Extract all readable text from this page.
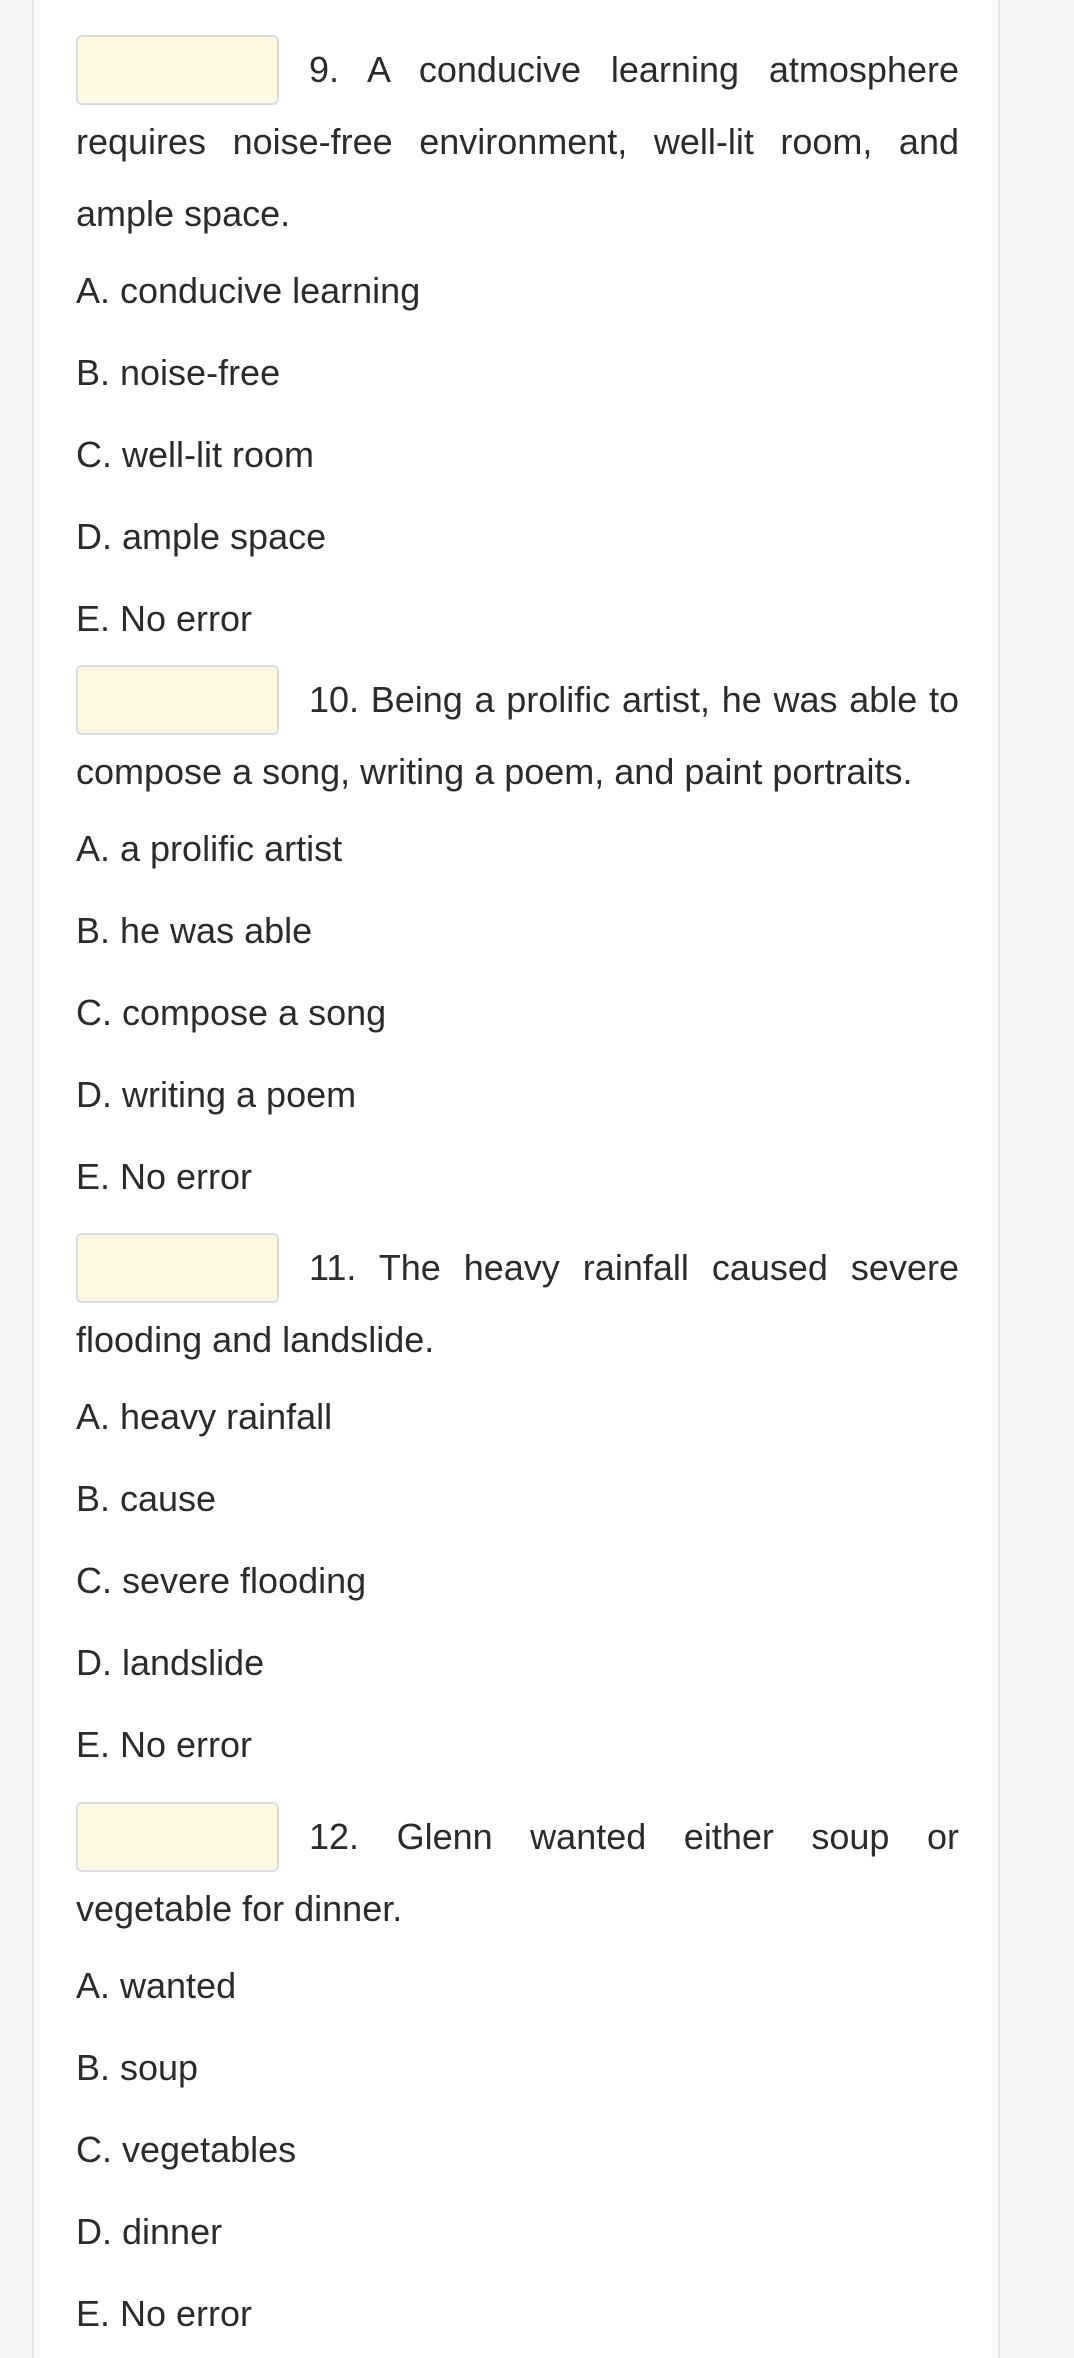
9. A conducive learning atmosphere requires noise-free environment, well-lit room, and ample space.
A. conducive learning
B. noise-free
C. well-lit room
D. ample space
E. No error
10. Being a prolific artist, he was able to compose a song, writing a poem, and paint portraits.
A. a prolific artist
B. he was able
C. compose a song
D. writing a poem
E. No error
11. The heavy rainfall caused severe flooding and landslide.
A. heavy rainfall
B. cause
C. severe flooding
D. landslide
E. No error
12. Glenn wanted either soup or vegetable for dinner.
A. wanted
B. soup
C. vegetables
D. dinner
E. No error
